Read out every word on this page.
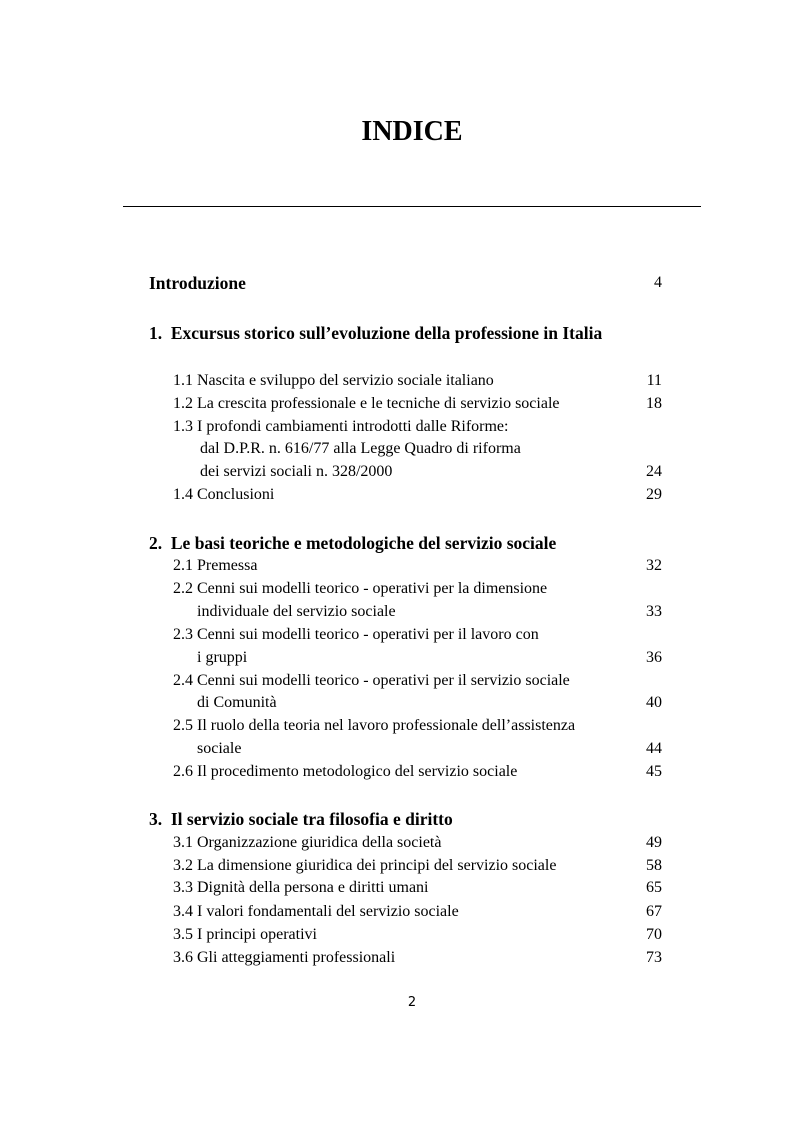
INDICE
Introduzione	4
1.  Excursus storico sull’evoluzione della professione in Italia
1.1 Nascita e sviluppo del servizio sociale italiano	11
1.2 La crescita professionale e le tecniche di servizio sociale	18
1.3 I profondi cambiamenti introdotti dalle Riforme:
dal D.P.R. n. 616/77 alla Legge Quadro di riforma
dei servizi sociali n. 328/2000	24
1.4 Conclusioni	29
2.  Le basi teoriche e metodologiche del servizio sociale
2.1 Premessa	32
2.2 Cenni sui modelli teorico - operativi per la dimensione
individuale del servizio sociale	33
2.3 Cenni sui modelli teorico - operativi per il lavoro con
i gruppi	36
2.4 Cenni sui modelli teorico - operativi per il servizio sociale
di Comunità	40
2.5 Il ruolo della teoria nel lavoro professionale dell’assistenza
sociale	44
2.6 Il procedimento metodologico del servizio sociale	45
3.  Il servizio sociale tra filosofia e diritto
3.1 Organizzazione giuridica della società	49
3.2 La dimensione giuridica dei principi del servizio sociale	58
3.3 Dignità della persona e diritti umani	65
3.4 I valori fondamentali del servizio sociale	67
3.5 I principi operativi	70
3.6 Gli atteggiamenti professionali	73
2
